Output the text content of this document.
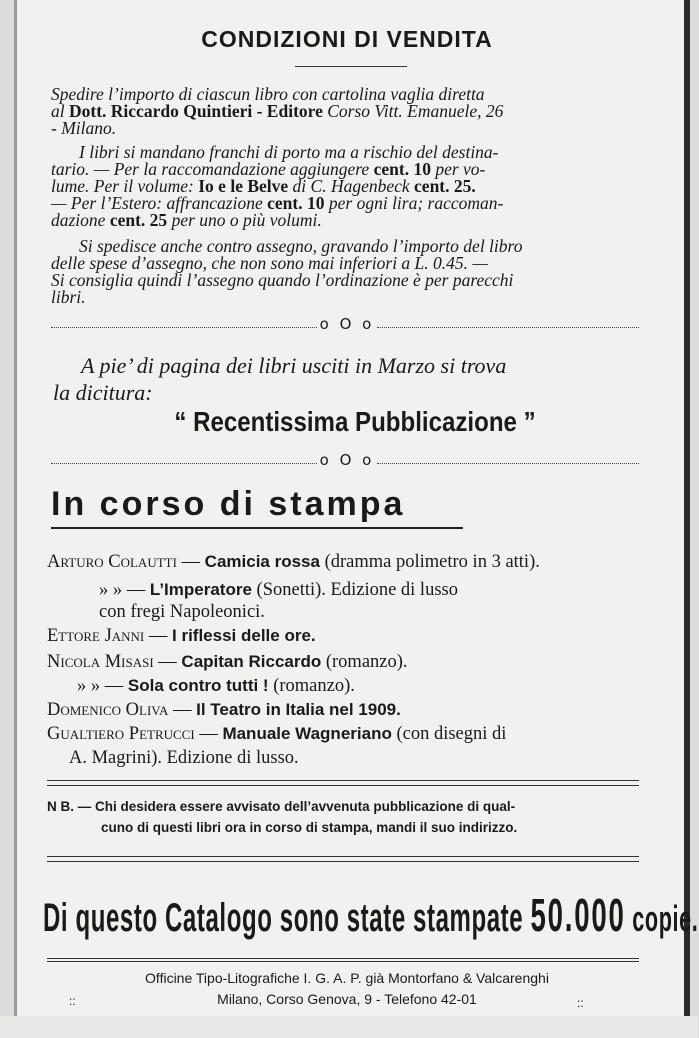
CONDIZIONI DI VENDITA

Spedire l’importo di ciascun libro con cartolina vaglia diretta
al Dott. Riccardo Quintieri - Editore Corso Vitt. Emanuele, 26
- Milano.

I libri si mandano franchi di porto ma a rischio del destina-
tario. — Per la raccomandazione aggiungere cent. 10 per vo-
lume. Per il volume: Io e le Belve di C. Hagenbeck cent. 25.
— Per l’Estero: affrancazione cent. 10 per ogni lira; raccoman-
dazione cent. 25 per uno o più volumi.

Si spedisce anche contro assegno, gravando l’importo del libro
delle spese d’assegno, che non sono mai inferiori a L. 0.45. —
Si consiglia quindi l’assegno quando l’ordinazione è per parecchi
libri.

o O o

A pie’ di pagina dei libri usciti in Marzo si trova
la dicitura:

“ Recentissima Pubblicazione ”
o O o
In corso di stampa
Arturo Colautti — Camicia rossa (dramma polimetro in 3 atti).
» » — L’Imperatore (Sonetti). Edizione di lusso
con fregi Napoleonici.
Ettore Janni — I riflessi delle ore.
Nicola Misasi — Capitan Riccardo (romanzo).
» » — Sola contro tutti ! (romanzo).
Domenico Oliva — Il Teatro in Italia nel 1909.
Gualtiero Petrucci — Manuale Wagneriano (con disegni di
A. Magrini). Edizione di lusso.

N B. — Chi desidera essere avvisato dell’avvenuta pubblicazione di qual-
cuno di questi libri ora in corso di stampa, mandi il suo indirizzo.

Di questo Catalogo sono state stampate 50.000 copie.

Officine Tipo-Litografiche I. G. A. P. già Montorfano & Valcarenghi
Milano, Corso Genova, 9 - Telefono 42-01

::	::
